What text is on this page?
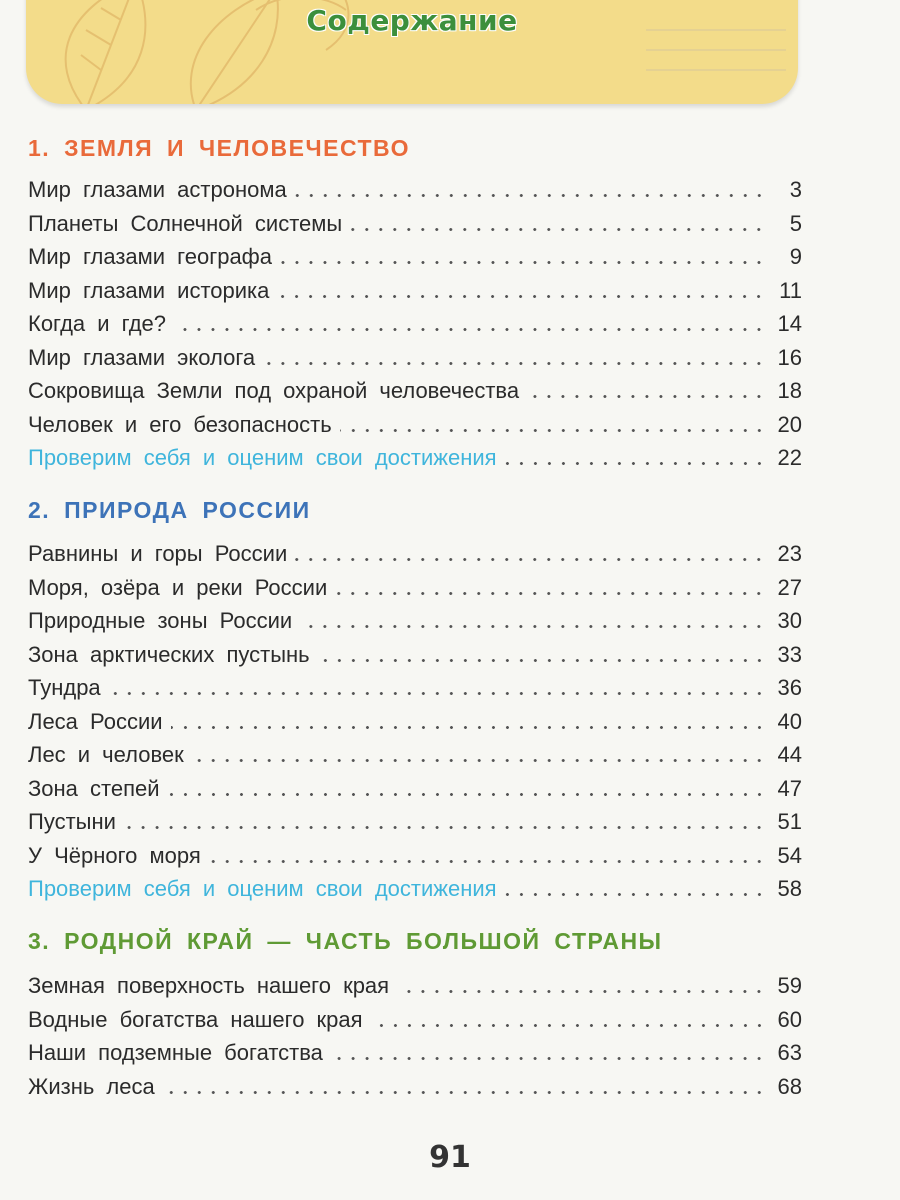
Содержание
1. ЗЕМЛЯ И ЧЕЛОВЕЧЕСТВО
Мир глазами астронома	3
Планеты Солнечной системы	5
Мир глазами географа	9
Мир глазами историка	11
Когда и где?	14
Мир глазами эколога	16
Сокровища Земли под охраной человечества	18
Человек и его безопасность	20
Проверим себя и оценим свои достижения	22
2. ПРИРОДА РОССИИ
Равнины и горы России	23
Моря, озёра и реки России	27
Природные зоны России	30
Зона арктических пустынь	33
Тундра	36
Леса России	40
Лес и человек	44
Зона степей	47
Пустыни	51
У Чёрного моря	54
Проверим себя и оценим свои достижения	58
3. РОДНОЙ КРАЙ — ЧАСТЬ БОЛЬШОЙ СТРАНЫ
Земная поверхность нашего края	59
Водные богатства нашего края	60
Наши подземные богатства	63
Жизнь леса	68
91
